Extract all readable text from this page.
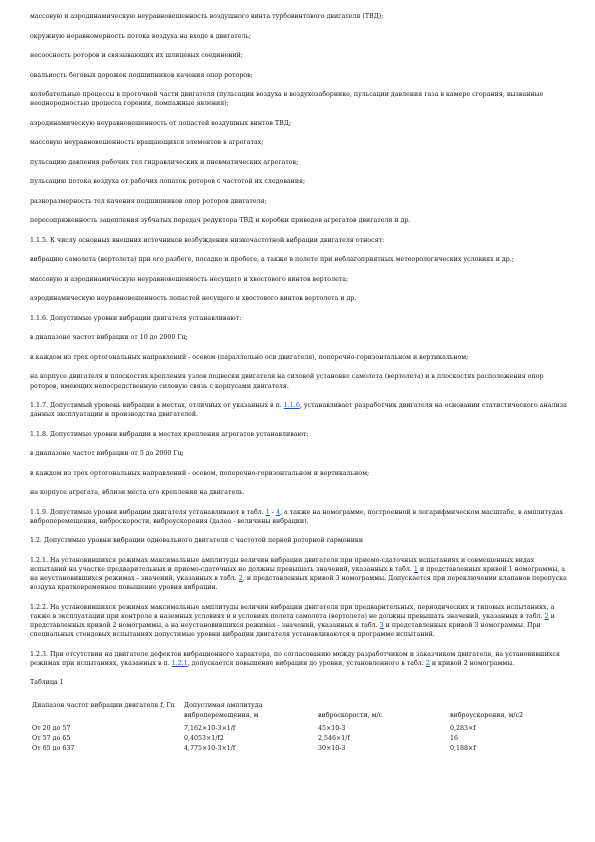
массовую и аэродинамическую неуравновешенность воздушного винта турбовинтового двигателя (ТВД);

окружную неравномерность потока воздуха на входе в двигатель;

несоосность роторов и связывающих их шлицевых соединений;

овальность беговых дорожек подшипников качения опор роторов;

колебательные процессы в проточной части двигателя (пульсации воздуха в воздухозаборнике, пульсации давления газа в камере сгорания, вызванные неоднородностью процесса горения, помпажные явления);

аэродинамическую неуравновешенность от лопастей воздушных винтов ТВД;

массовую неуравновешенность вращающихся элементов в агрегатах;

пульсацию давления рабочих тел гидравлических и пневматических агрегатов;

пульсацию потока воздуха от рабочих лопаток роторов с частотой их следования;

разноразмерность тел качения подшипников опор роторов двигателя;

пересопряженность зацепления зубчатых передач редуктора ТВД и коробки приводов агрегатов двигателя и др.

1.1.5. К числу основных внешних источников возбуждения низкочастотной вибрации двигателя относят:

вибрацию самолета (вертолета) при его разбеге, посадке и пробеге, а также в полете при неблагоприятных метеорологических условиях и др.;

массовую и аэродинамическую неуравновешенность несущего и хвостового винтов вертолета;

аэродинамическую неуравновешенность лопастей несущего и хвостового винтов вертолета и др.

1.1.6. Допустимые уровни вибрации двигателя устанавливают:

в диапазоне частот вибрации от 10 до 2000 Гц;

в каждом из трех ортогональных направлений - осевом (параллельно оси двигателя), поперечно-горизонтальном и вертикальном;

на корпусе двигателя в плоскостях крепления узлов подвески двигателя на силовой установке самолета (вертолета) и в плоскостях расположения опор роторов, имеющих непосредственную силовую связь с корпусами двигателя.

1.1.7. Допустимый уровень вибрации в местах, отличных от указанных в п. 1.1.6, устанавливает разработчик двигателя на основании статистического анализа данных эксплуатации и производства двигателей.

1.1.8. Допустимые уровни вибрации в местах крепления агрегатов устанавливают:

в диапазоне частот вибрации от 5 до 2000 Гц;

в каждом из трех ортогональных направлений - осевом, поперечно-горизонтальном и вертикальном;

на корпусе агрегата, вблизи места его крепления на двигатель.

1.1.9. Допустимые уровни вибрации двигателя устанавливают в табл. 1 - 4, а также на номограмме, построенной в логарифмическом масштабе, в амплитудах виброперемещения, виброскорости, виброускорения (далее - величины вибрации).

1.2. Допустимые уровни вибрации одновального двигателя с частотой первой роторной гармоники

1.2.1. На установившихся режимах максимальные амплитуды величин вибрации двигателя при приемо-сдаточных испытаниях и совмещенных видах испытаний на участке предварительных и приемо-сдаточных не должны превышать значений, указанных в табл. 1 и представленных кривой 1 номограммы, а на неустановившихся режимах - значений, указанных в табл. 2, и представленных кривой 3 номограммы. Допускается при переключении клапанов перепуска воздуха кратковременное повышение уровня вибрации.

1.2.2. На установившихся режимах максимальные амплитуды величин вибрации двигателя при предварительных, периодических и типовых испытаниях, а также в эксплуатации при контроле в наземных условиях и в условиях полета самолета (вертолета) не должны превышать значений, указанных в табл. 2 и представленных кривой 2 номограммы, а на неустановившихся режимах - значений, указанных в табл. 3 и представленных кривой 3 номограммы. При специальных стендовых испытаниях допустимые уровни вибрации двигателя устанавливаются в программе испытаний.

1.2.3. При отсутствии на двигателе дефектов вибрационного характера, по согласованию между разработчиком и заказчиком двигателя, на установившихся режимах при испытаниях, указанных в п. 1.2.1, допускается повышение вибрации до уровня, установленного в табл. 2 и кривой 2 номограммы.

Таблица 1
Диапазон частот вибрации двигателя f, Гц	Допустимая амплитуда
виброперемещения, м	виброскорости, м/с	виброускорения, м/с2
От 20 до 57	7,162×10-3×1/f	45×10-3	0,283×f
От 57 до 65	0,4053×1/f2	2,546×1/f	16
От 65 до 637	4,775×10-3×1/f	30×10-3	0,188×f
